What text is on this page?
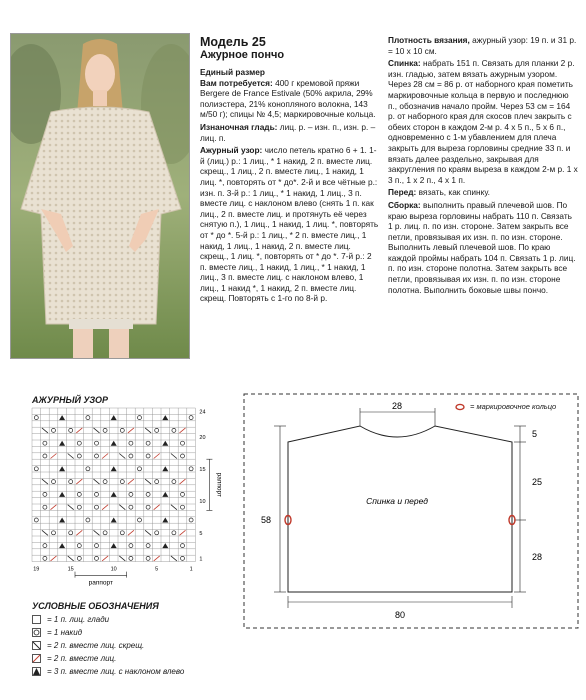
Модель 25
Ажурное пончо
Единый размер
Вам потребуется: 400 г кремовой пряжи Bergere de France Estivale (50% акрила, 29% полиэстера, 21% конопляного волокна, 143 м/50 г); спицы № 4,5; маркировочные кольца.
Изнаночная гладь: лиц. р. – изн. п., изн. р. – лиц. п.
Ажурный узор: число петель кратно 6 + 1. 1-й (лиц.) р.: 1 лиц., * 1 накид, 2 п. вместе лиц. скрещ., 1 лиц., 2 п. вместе лиц., 1 накид, 1 лиц. *, повторять от * до*. 2-й и все чётные р.: изн. п. 3-й р.: 1 лиц., * 1 накид, 1 лиц., 3 п. вместе лиц. с наклоном влево (снять 1 п. как лиц., 2 п. вместе лиц. и протянуть её через снятую п.), 1 лиц., 1 накид, 1 лиц. *, повторять от * до *. 5-й р.: 1 лиц., * 2 п. вместе лиц., 1 накид, 1 лиц., 1 накид, 2 п. вместе лиц. скрещ., 1 лиц. *, повторять от * до *. 7-й р.: 2 п. вместе лиц., 1 накид, 1 лиц., * 1 накид, 1 лиц., 3 п. вместе лиц. с наклоном влево, 1 лиц., 1 накид *, 1 накид, 2 п. вместе лиц. скрещ. Повторять с 1-го по 8-й р.
Плотность вязания, ажурный узор: 19 п. и 31 р. = 10 х 10 см.
Спинка: набрать 151 п. Связать для планки 2 р. изн. гладью, затем вязать ажурным узором. Через 28 см = 86 р. от наборного края пометить маркировочные кольца в первую и последнюю п., обозначив начало пройм. Через 53 см = 164 р. от наборного края для скосов плеч закрыть с обеих сторон в каждом 2-м р. 4 х 5 п., 5 х 6 п., одновременно с 1-м убавлением для плеча закрыть для выреза горловины средние 33 п. и вязать далее раздельно, закрывая для закругления по краям выреза в каждом 2-м р. 1 х 3 п., 1 х 2 п., 4 х 1 п.
Перед: вязать, как спинку.
Сборка: выполнить правый плечевой шов. По краю выреза горловины набрать 110 п. Связать 1 р. лиц. п. по изн. стороне. Затем закрыть все петли, провязывая их изн. п. по изн. стороне. Выполнить левый плечевой шов. По краю каждой проймы набрать 104 п. Связать 1 р. лиц. п. по изн. стороне полотна. Затем закрыть все петли, провязывая их изн. п. по изн. стороне полотна. Выполнить боковые швы пончо.
АЖУРНЫЙ УЗОР
24
20
15
10
5
1
19	15	10	5	1
раппорт
раппорт
УСЛОВНЫЕ ОБОЗНАЧЕНИЯ
= 1 п. лиц. глади
= 1 накид
= 2 п. вместе лиц. скрещ.
= 2 п. вместе лиц.
= 3 п. вместе лиц. с наклоном влево
= маркировочное кольцо
28
5
25
28
58
80
Спинка и перед
